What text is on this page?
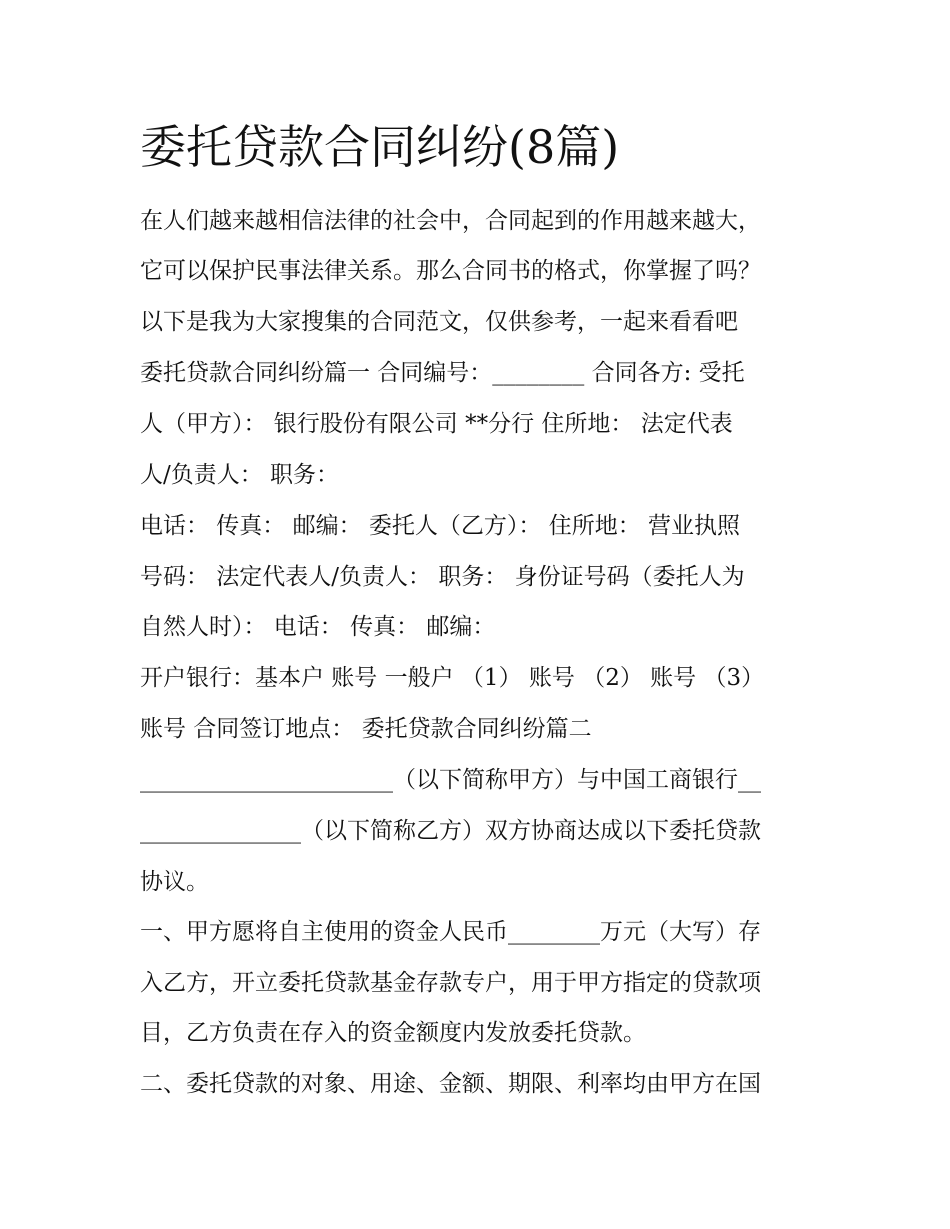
委托贷款合同纠纷(8篇)
在人们越来越相信法律的社会中，合同起到的作用越来越大，
它可以保护民事法律关系。那么合同书的格式，你掌握了吗？
以下是我为大家搜集的合同范文，仅供参考，一起来看看吧
委托贷款合同纠纷篇一 合同编号：________ 合同各方: 受托
人（甲方）： 银行股份有限公司 **分行 住所地： 法定代表
人/负责人： 职务：
电话： 传真： 邮编： 委托人（乙方）： 住所地： 营业执照
号码： 法定代表人/负责人： 职务： 身份证号码（委托人为
自然人时）： 电话： 传真： 邮编：
开户银行：基本户 账号 一般户 （1） 账号 （2） 账号 （3）
账号 合同签订地点： 委托贷款合同纠纷篇二
______________________（以下简称甲方）与中国工商银行__
______________（以下简称乙方）双方协商达成以下委托贷款
协议。
一、甲方愿将自主使用的资金人民币________万元（大写）存
入乙方，开立委托贷款基金存款专户，用于甲方指定的贷款项
目，乙方负责在存入的资金额度内发放委托贷款。
二、委托贷款的对象、用途、金额、期限、利率均由甲方在国
